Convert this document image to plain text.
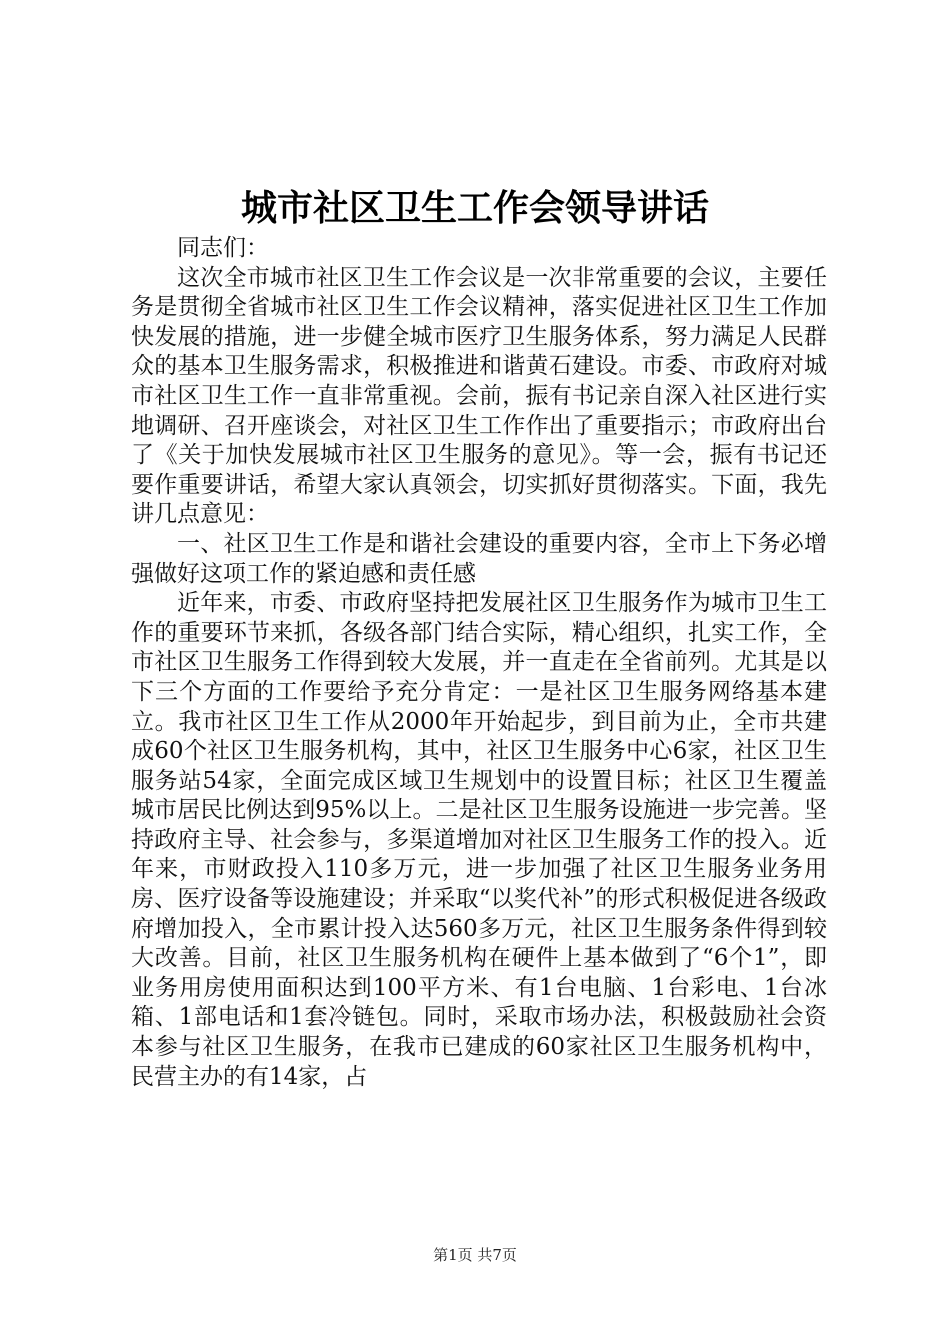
城市社区卫生工作会领导讲话

同志们：

这次全市城市社区卫生工作会议是一次非常重要的会议，主要任务是贯彻全省城市社区卫生工作会议精神，落实促进社区卫生工作加快发展的措施，进一步健全城市医疗卫生服务体系，努力满足人民群众的基本卫生服务需求，积极推进和谐黄石建设。市委、市政府对城市社区卫生工作一直非常重视。会前，振有书记亲自深入社区进行实地调研、召开座谈会，对社区卫生工作作出了重要指示；市政府出台了《关于加快发展城市社区卫生服务的意见》。等一会，振有书记还要作重要讲话，希望大家认真领会，切实抓好贯彻落实。下面，我先讲几点意见：

一、社区卫生工作是和谐社会建设的重要内容，全市上下务必增强做好这项工作的紧迫感和责任感

近年来，市委、市政府坚持把发展社区卫生服务作为城市卫生工作的重要环节来抓，各级各部门结合实际，精心组织，扎实工作，全市社区卫生服务工作得到较大发展，并一直走在全省前列。尤其是以下三个方面的工作要给予充分肯定：一是社区卫生服务网络基本建立。我市社区卫生工作从2000年开始起步，到目前为止，全市共建成60个社区卫生服务机构，其中，社区卫生服务中心6家，社区卫生服务站54家，全面完成区域卫生规划中的设置目标；社区卫生覆盖城市居民比例达到95%以上。二是社区卫生服务设施进一步完善。坚持政府主导、社会参与，多渠道增加对社区卫生服务工作的投入。近年来，市财政投入110多万元，进一步加强了社区卫生服务业务用房、医疗设备等设施建设；并采取“以奖代补”的形式积极促进各级政府增加投入，全市累计投入达560多万元，社区卫生服务条件得到较大改善。目前，社区卫生服务机构在硬件上基本做到了“6个1”，即业务用房使用面积达到100平方米、有1台电脑、1台彩电、1台冰箱、1部电话和1套冷链包。同时，采取市场办法，积极鼓励社会资本参与社区卫生服务，在我市已建成的60家社区卫生服务机构中，民营主办的有14家，占

第1页 共7页
